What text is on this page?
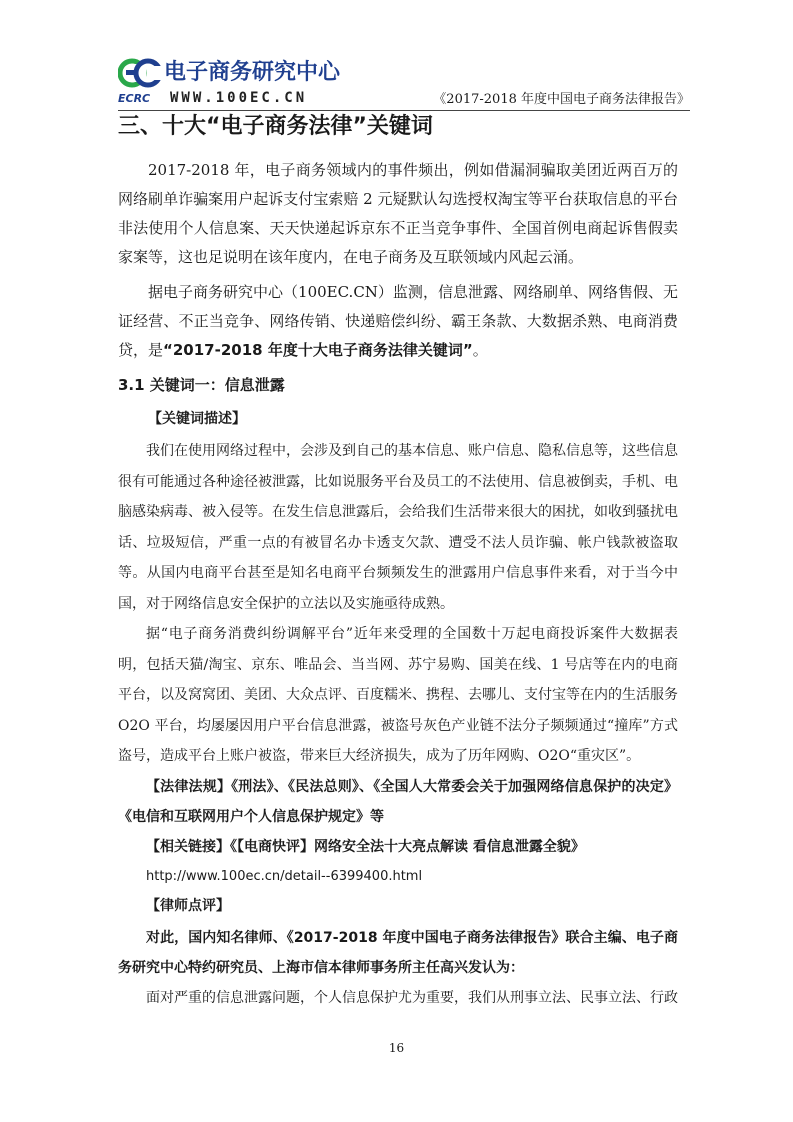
电子商务研究中心
ECRC WWW.100EC.CN	《2017-2018 年度中国电子商务法律报告》
三、十大“电子商务法律”关键词

2017-2018 年，电子商务领域内的事件频出，例如借漏洞骗取美团近两百万的网络刷单诈骗案用户起诉支付宝索赔 2 元疑默认勾选授权淘宝等平台获取信息的平台非法使用个人信息案、天天快递起诉京东不正当竞争事件、全国首例电商起诉售假卖家案等，这也足说明在该年度内，在电子商务及互联领域内风起云涌。

据电子商务研究中心（100EC.CN）监测，信息泄露、网络刷单、网络售假、无证经营、不正当竞争、网络传销、快递赔偿纠纷、霸王条款、大数据杀熟、电商消费贷，是“2017-2018 年度十大电子商务法律关键词”。

3.1 关键词一：信息泄露
【关键词描述】

我们在使用网络过程中，会涉及到自己的基本信息、账户信息、隐私信息等，这些信息很有可能通过各种途径被泄露，比如说服务平台及员工的不法使用、信息被倒卖，手机、电脑感染病毒、被入侵等。在发生信息泄露后，会给我们生活带来很大的困扰，如收到骚扰电话、垃圾短信，严重一点的有被冒名办卡透支欠款、遭受不法人员诈骗、帐户钱款被盗取等。从国内电商平台甚至是知名电商平台频频发生的泄露用户信息事件来看，对于当今中国，对于网络信息安全保护的立法以及实施亟待成熟。

据“电子商务消费纠纷调解平台”近年来受理的全国数十万起电商投诉案件大数据表明，包括天猫/淘宝、京东、唯品会、当当网、苏宁易购、国美在线、1 号店等在内的电商平台，以及窝窝团、美团、大众点评、百度糯米、携程、去哪儿、支付宝等在内的生活服务 O2O 平台，均屡屡因用户平台信息泄露，被盗号灰色产业链不法分子频频通过“撞库”方式盗号，造成平台上账户被盗，带来巨大经济损失，成为了历年网购、O2O“重灾区”。

【法律法规】《刑法》、《民法总则》、《全国人大常委会关于加强网络信息保护的决定》《电信和互联网用户个人信息保护规定》等

【相关链接】《【电商快评】网络安全法十大亮点解读 看信息泄露全貌》

http://www.100ec.cn/detail--6399400.html
【律师点评】

对此，国内知名律师、《2017-2018 年度中国电子商务法律报告》联合主编、电子商务研究中心特约研究员、上海市信本律师事务所主任高兴发认为：

面对严重的信息泄露问题，个人信息保护尤为重要，我们从刑事立法、民事立法、行政

16
